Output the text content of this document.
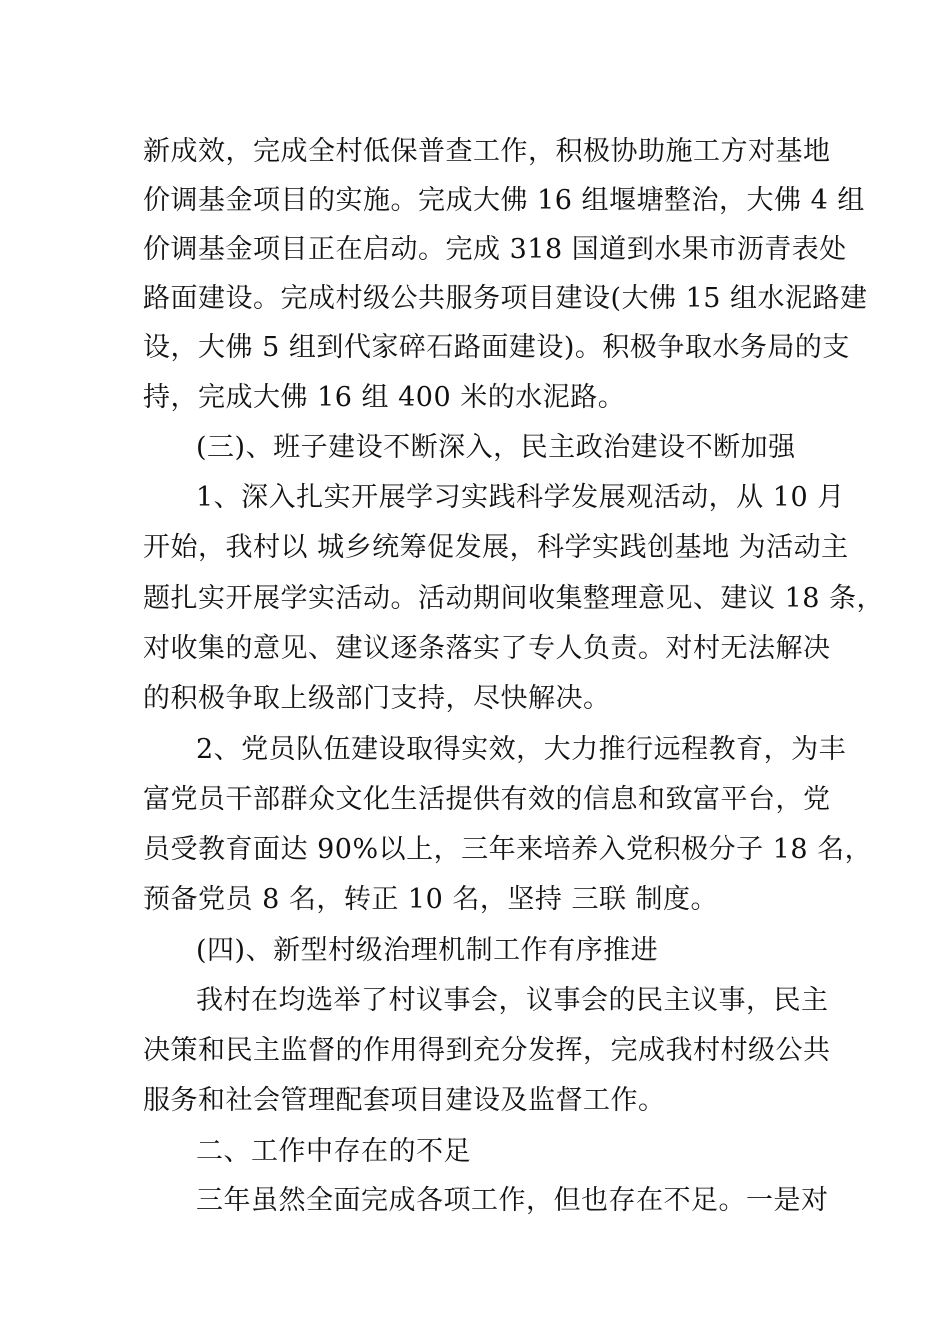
新成效，完成全村低保普查工作，积极协助施工方对基地
价调基金项目的实施。完成大佛 16 组堰塘整治，大佛 4 组
价调基金项目正在启动。完成 318 国道到水果市沥青表处
路面建设。完成村级公共服务项目建设(大佛 15 组水泥路建
设，大佛 5 组到代家碎石路面建设)。积极争取水务局的支
持，完成大佛 16 组 400 米的水泥路。
(三)、班子建设不断深入，民主政治建设不断加强
1、深入扎实开展学习实践科学发展观活动，从 10 月
开始，我村以 城乡统筹促发展，科学实践创基地 为活动主
题扎实开展学实活动。活动期间收集整理意见、建议 18 条，
对收集的意见、建议逐条落实了专人负责。对村无法解决
的积极争取上级部门支持，尽快解决。
2、党员队伍建设取得实效，大力推行远程教育，为丰
富党员干部群众文化生活提供有效的信息和致富平台，党
员受教育面达 90%以上，三年来培养入党积极分子 18 名，
预备党员 8 名，转正 10 名，坚持 三联 制度。
(四)、新型村级治理机制工作有序推进
我村在均选举了村议事会，议事会的民主议事，民主
决策和民主监督的作用得到充分发挥，完成我村村级公共
服务和社会管理配套项目建设及监督工作。
二、工作中存在的不足
三年虽然全面完成各项工作，但也存在不足。一是对
